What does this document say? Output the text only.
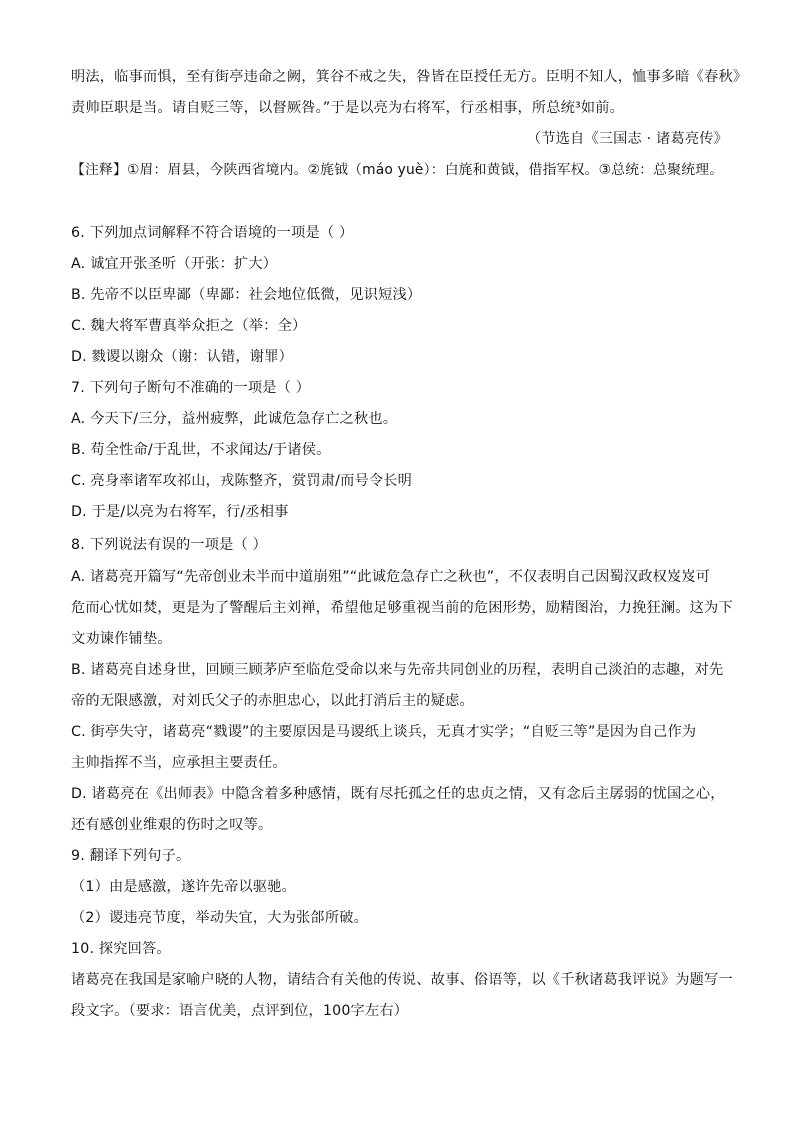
明法，临事而惧，至有街亭违命之阙，箕谷不戒之失，咎皆在臣授任无方。臣明不知人，恤事多暗《春秋》
责帅臣职是当。请自贬三等，以督厥咎。”于是以亮为右将军，行丞相事，所总统³如前。
（节选自《三国志 · 诸葛亮传》
【注释】①眉：眉县，今陕西省境内。②旄钺（máo yuè）：白旄和黄钺，借指军权。③总统：总聚统理。
6. 下列加点词解释不符合语境的一项是（ ）
A. 诚宜开张圣听（开张：扩大）
B. 先帝不以臣卑鄙（卑鄙：社会地位低微，见识短浅）
C. 魏大将军曹真举众拒之（举：全）
D. 戮谡以谢众（谢：认错，谢罪）
7. 下列句子断句不准确的一项是（ ）
A. 今天下/三分，益州疲弊，此诚危急存亡之秋也。
B. 苟全性命/于乱世，不求闻达/于诸侯。
C. 亮身率诸军攻祁山，戎陈整齐，赏罚肃/而号令长明
D. 于是/以亮为右将军，行/丞相事
8. 下列说法有误的一项是（ ）
A. 诸葛亮开篇写“先帝创业未半而中道崩殂”“此诚危急存亡之秋也”，不仅表明自己因蜀汉政权岌岌可
危而心忧如焚，更是为了警醒后主刘禅，希望他足够重视当前的危困形势，励精图治，力挽狂澜。这为下
文劝谏作铺垫。
B. 诸葛亮自述身世，回顾三顾茅庐至临危受命以来与先帝共同创业的历程，表明自己淡泊的志趣，对先
帝的无限感激，对刘氏父子的赤胆忠心，以此打消后主的疑虑。
C. 街亭失守，诸葛亮“戮谡”的主要原因是马谡纸上谈兵，无真才实学；“自贬三等”是因为自己作为
主帅指挥不当，应承担主要责任。
D. 诸葛亮在《出师表》中隐含着多种感情，既有尽托孤之任的忠贞之情，又有念后主孱弱的忧国之心，
还有感创业维艰的伤时之叹等。
9. 翻译下列句子。
（1）由是感激，遂许先帝以驱驰。
（2）谡违亮节度，举动失宜，大为张郃所破。
10. 探究回答。
诸葛亮在我国是家喻户晓的人物，请结合有关他的传说、故事、俗语等，以《千秋诸葛我评说》为题写一
段文字。（要求：语言优美，点评到位，100字左右）
